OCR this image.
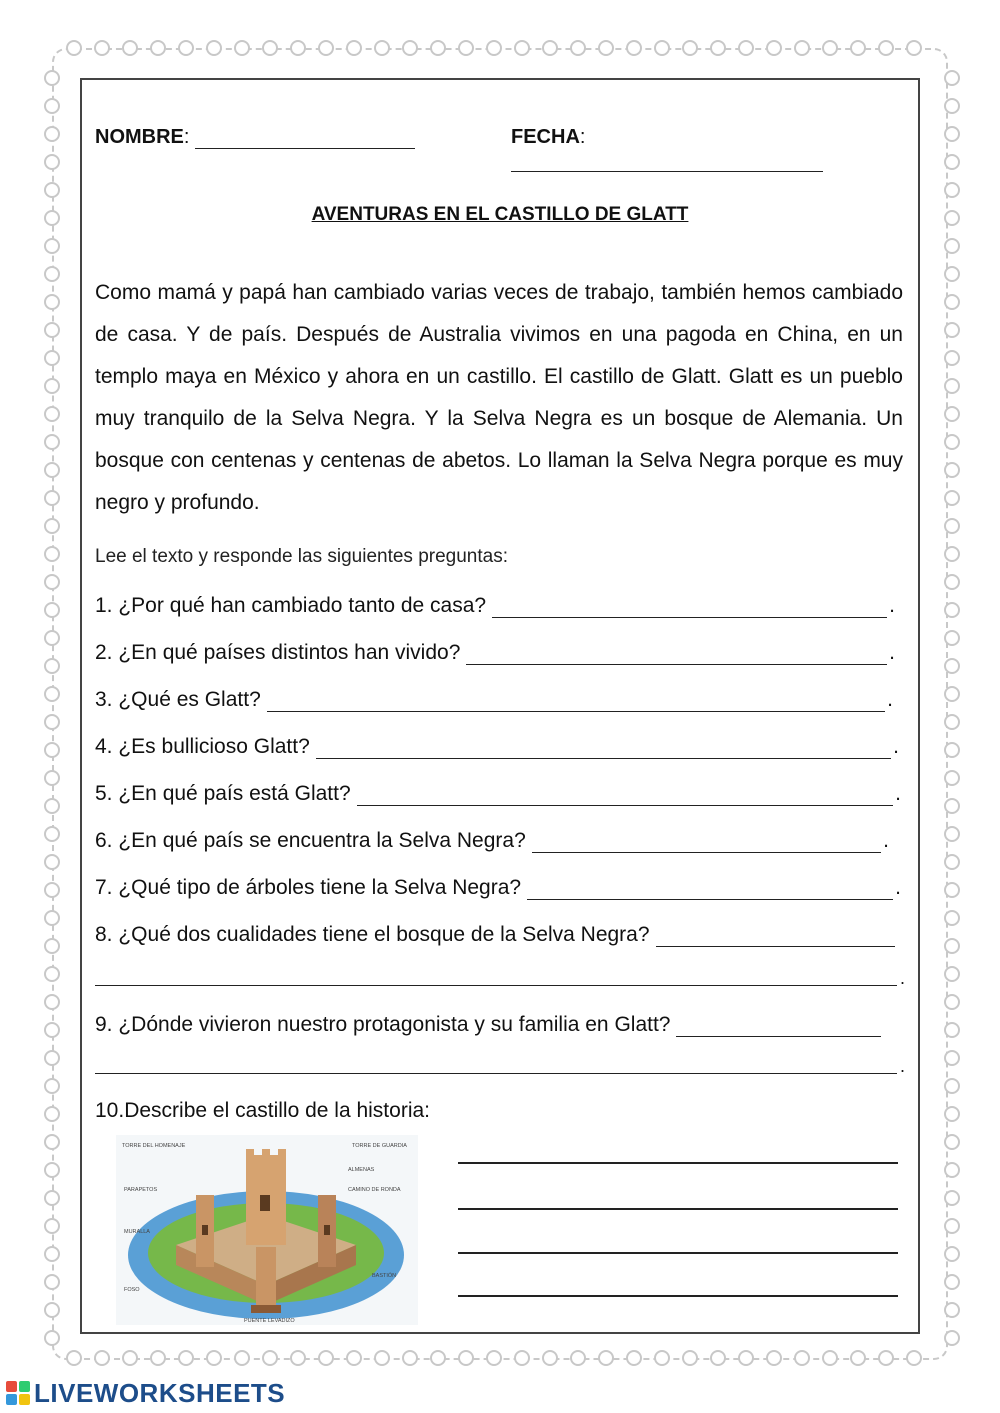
NOMBRE:	FECHA:
AVENTURAS EN EL CASTILLO DE GLATT
Como mamá y papá han cambiado varias veces de trabajo, también hemos cambiado de casa. Y de país. Después de Australia vivimos en una pagoda en China, en un templo maya en México y ahora en un castillo. El castillo de Glatt. Glatt es un pueblo muy tranquilo de la Selva Negra. Y la Selva Negra es un bosque de Alemania. Un bosque con centenas y centenas de abetos. Lo llaman la Selva Negra porque es muy negro y profundo.
Lee el texto y responde las siguientes preguntas:
1. ¿Por qué han cambiado tanto de casa?	.
2. ¿En qué países distintos han vivido?	.
3. ¿Qué es Glatt?	.
4. ¿Es bullicioso Glatt?	.
5. ¿En qué país está Glatt?	.
6. ¿En qué país se encuentra la Selva Negra?	.
7. ¿Qué tipo de árboles tiene la Selva Negra?	.
8. ¿Qué dos cualidades tiene el bosque de la Selva Negra?
.
9. ¿Dónde vivieron nuestro protagonista y su familia en Glatt?
.
10.Describe el castillo de la historia:
TORRE DEL HOMENAJE	TORRE DE GUARDIA
PARAPETOS	CAMINO DE RONDA
MURALLA
BASTIÓN
FOSO
PUENTE LEVADIZO
ALMENAS
LIVEWORKSHEETS
